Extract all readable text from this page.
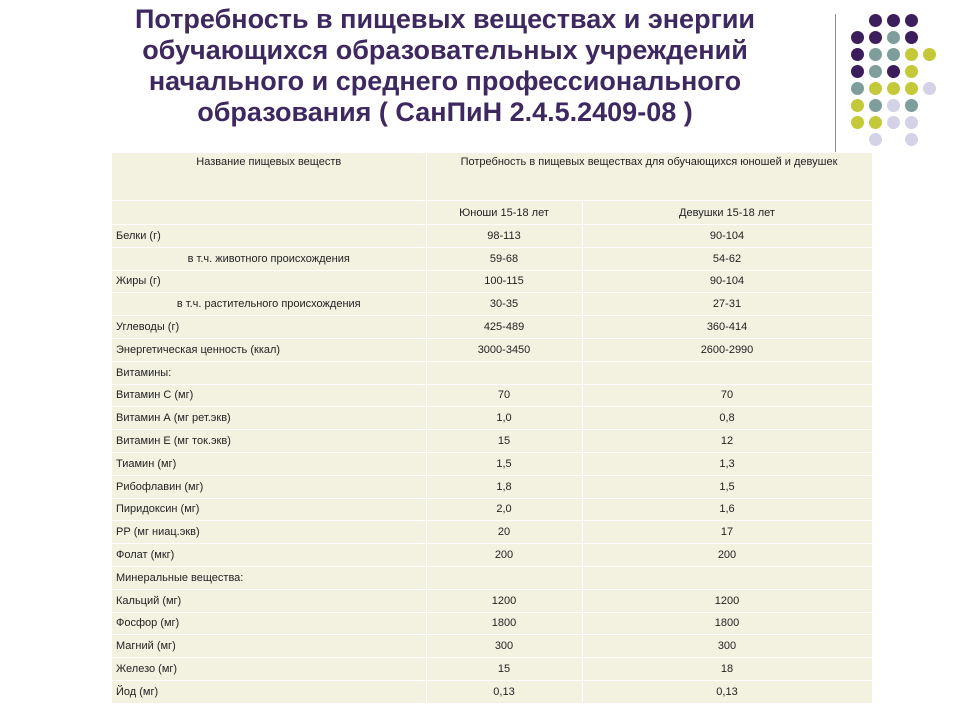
Потребность в пищевых веществах и энергии
обучающихся образовательных учреждений
начального и среднего профессионального
образования ( СанПиН 2.4.5.2409-08 )
Название пищевых веществ	Потребность в пищевых веществах для обучающихся юношей и девушек	
	Юноши 15-18 лет	Девушки 15-18 лет
Белки (г)	98-113	90-104
в т.ч. животного происхождения	59-68	54-62
Жиры (г)	100-115	90-104
в т.ч. растительного происхождения	30-35	27-31
Углеводы (г)	425-489	360-414
Энергетическая ценность (ккал)	3000-3450	2600-2990
Витамины:		
Витамин С (мг)	70	70
Витамин А (мг рет.экв)	1,0	0,8
Витамин Е (мг ток.экв)	15	12
Тиамин (мг)	1,5	1,3
Рибофлавин (мг)	1,8	1,5
Пиридоксин (мг)	2,0	1,6
РР (мг ниац.экв)	20	17
Фолат (мкг)	200	200
Минеральные вещества:		
Кальций (мг)	1200	1200
Фосфор (мг)	1800	1800
Магний (мг)	300	300
Железо (мг)	15	18
Йод (мг)	0,13	0,13
